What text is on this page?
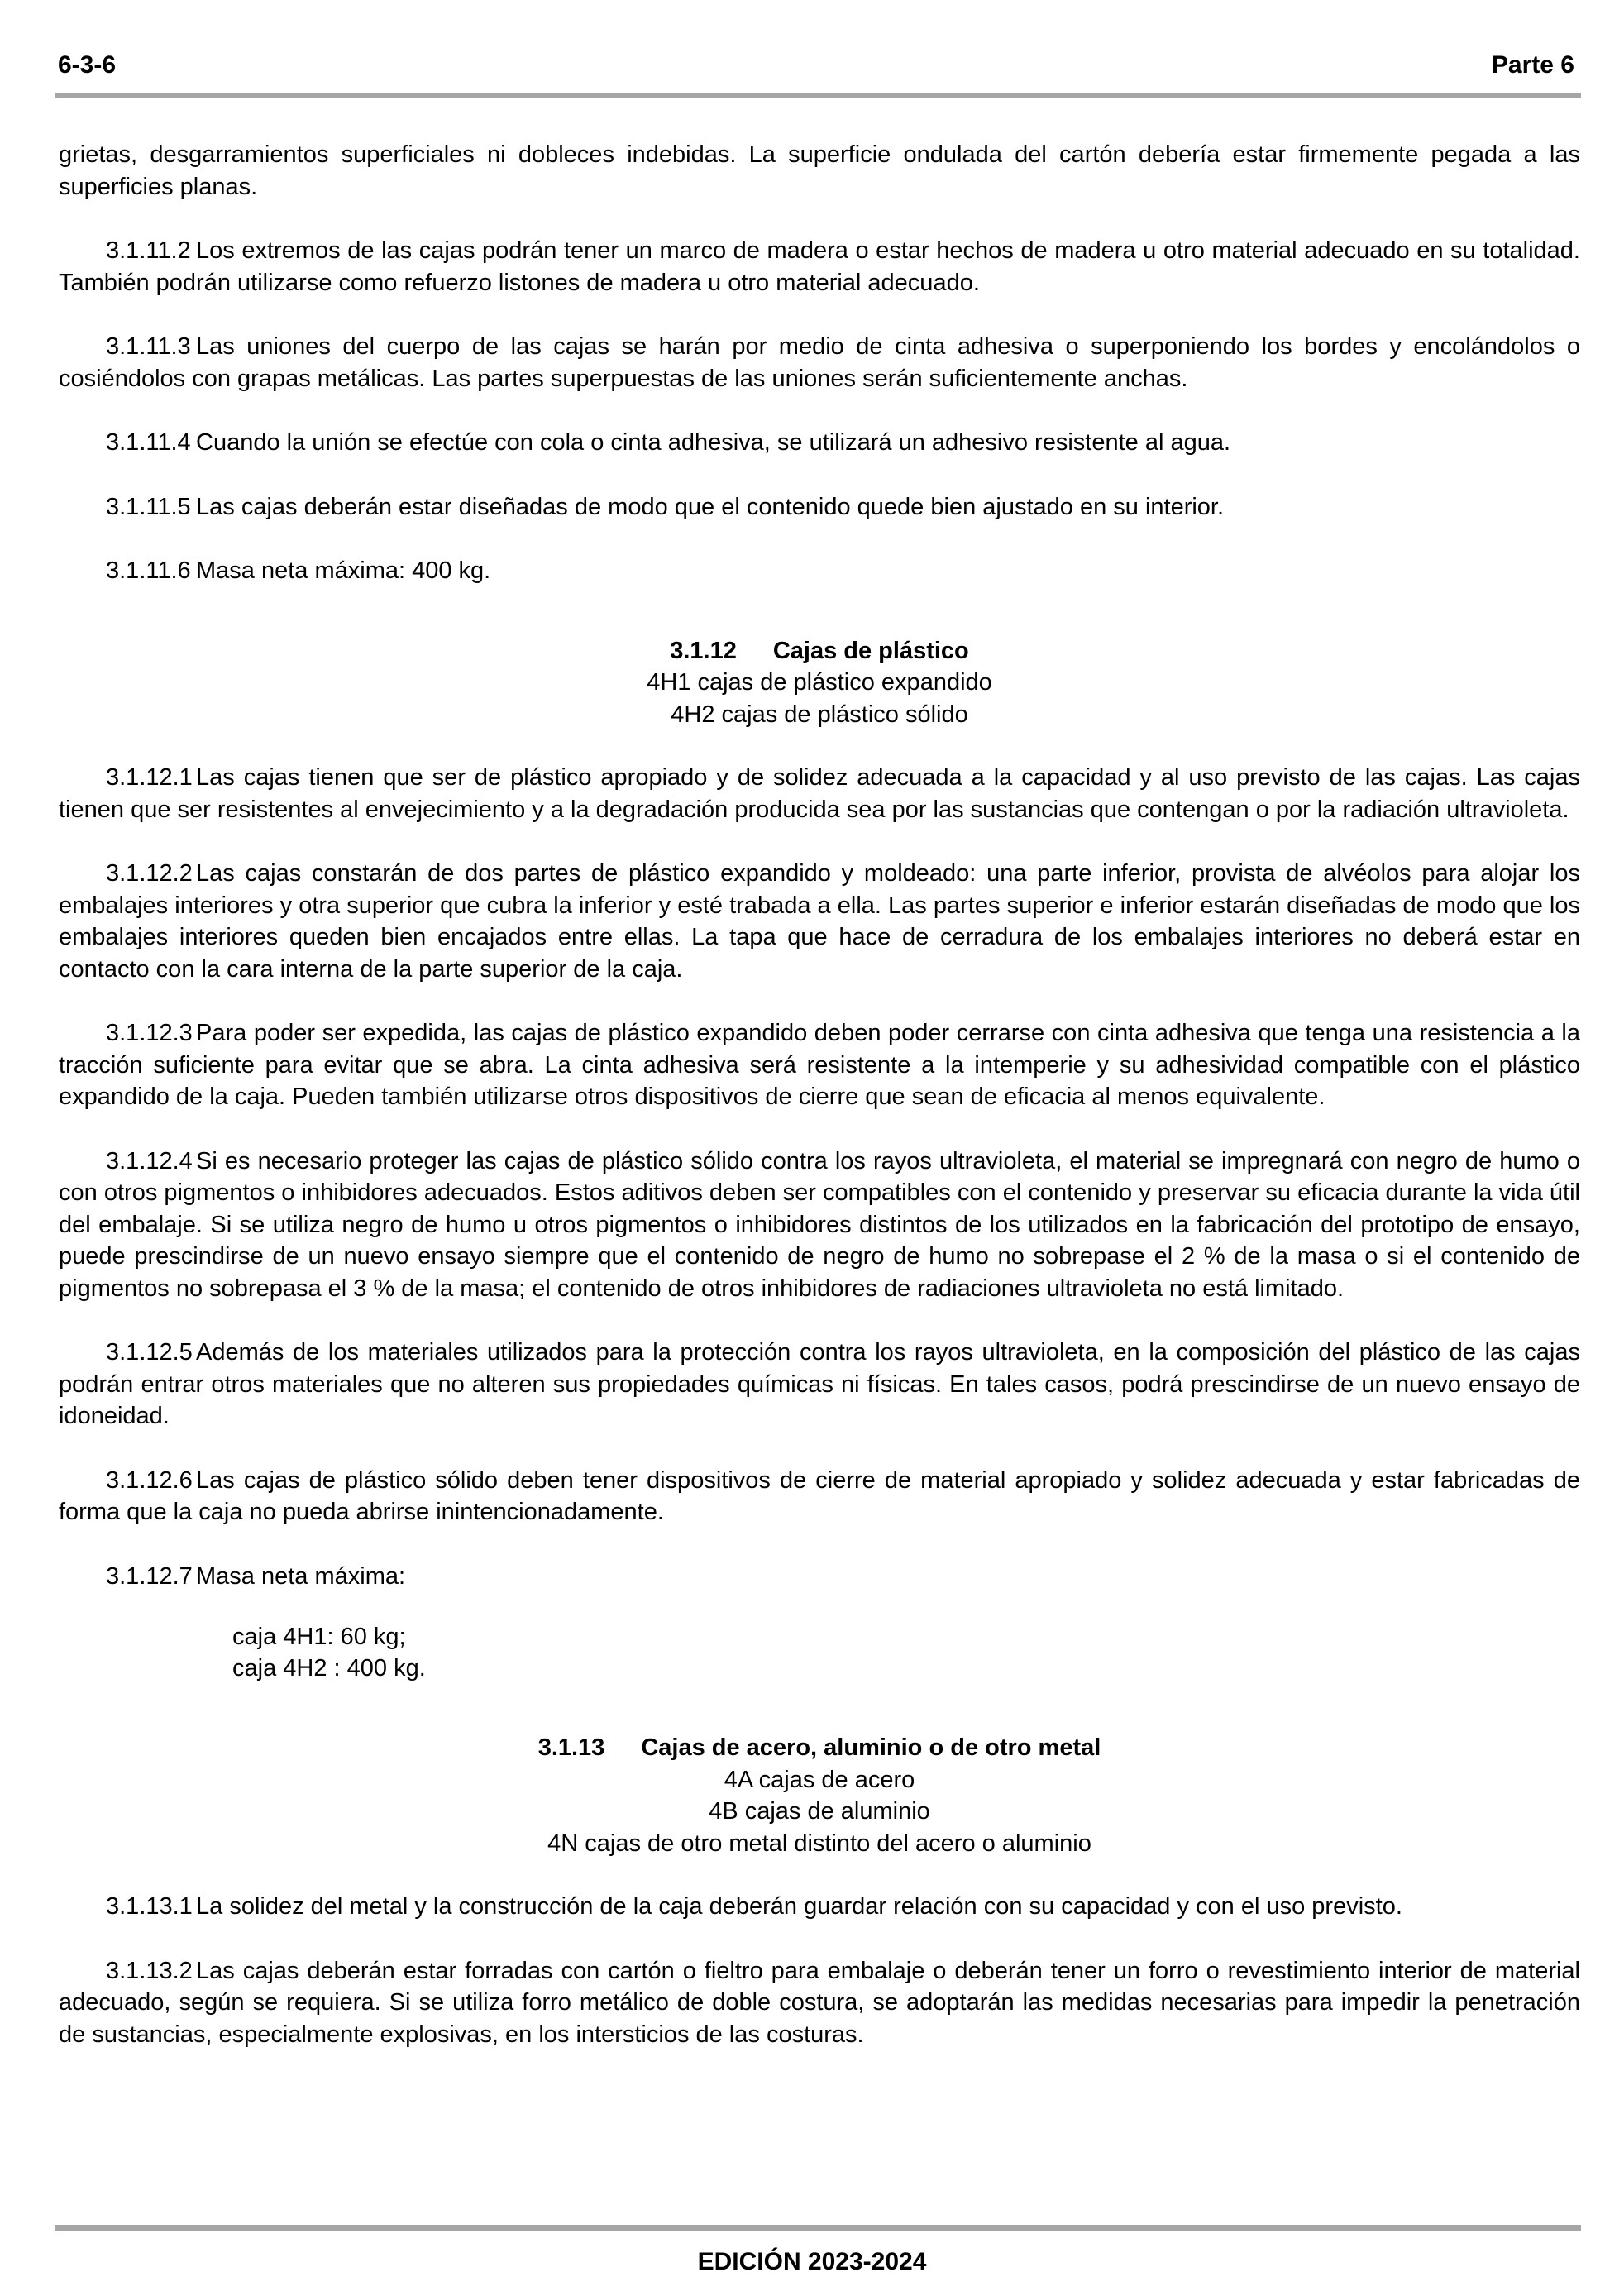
6-3-6	Parte 6

grietas, desgarramientos superficiales ni dobleces indebidas. La superficie ondulada del cartón debería estar firmemente pegada a las superficies planas.

3.1.11.2 Los extremos de las cajas podrán tener un marco de madera o estar hechos de madera u otro material adecuado en su totalidad. También podrán utilizarse como refuerzo listones de madera u otro material adecuado.

3.1.11.3 Las uniones del cuerpo de las cajas se harán por medio de cinta adhesiva o superponiendo los bordes y encolándolos o cosiéndolos con grapas metálicas. Las partes superpuestas de las uniones serán suficientemente anchas.

3.1.11.4 Cuando la unión se efectúe con cola o cinta adhesiva, se utilizará un adhesivo resistente al agua.

3.1.11.5 Las cajas deberán estar diseñadas de modo que el contenido quede bien ajustado en su interior.

3.1.11.6 Masa neta máxima: 400 kg.

3.1.12 Cajas de plástico
4H1 cajas de plástico expandido
4H2 cajas de plástico sólido

3.1.12.1 Las cajas tienen que ser de plástico apropiado y de solidez adecuada a la capacidad y al uso previsto de las cajas. Las cajas tienen que ser resistentes al envejecimiento y a la degradación producida sea por las sustancias que contengan o por la radiación ultravioleta.

3.1.12.2 Las cajas constarán de dos partes de plástico expandido y moldeado: una parte inferior, provista de alvéolos para alojar los embalajes interiores y otra superior que cubra la inferior y esté trabada a ella. Las partes superior e inferior estarán diseñadas de modo que los embalajes interiores queden bien encajados entre ellas. La tapa que hace de cerradura de los embalajes interiores no deberá estar en contacto con la cara interna de la parte superior de la caja.

3.1.12.3 Para poder ser expedida, las cajas de plástico expandido deben poder cerrarse con cinta adhesiva que tenga una resistencia a la tracción suficiente para evitar que se abra. La cinta adhesiva será resistente a la intemperie y su adhesividad compatible con el plástico expandido de la caja. Pueden también utilizarse otros dispositivos de cierre que sean de eficacia al menos equivalente.

3.1.12.4 Si es necesario proteger las cajas de plástico sólido contra los rayos ultravioleta, el material se impregnará con negro de humo o con otros pigmentos o inhibidores adecuados. Estos aditivos deben ser compatibles con el contenido y preservar su eficacia durante la vida útil del embalaje. Si se utiliza negro de humo u otros pigmentos o inhibidores distintos de los utilizados en la fabricación del prototipo de ensayo, puede prescindirse de un nuevo ensayo siempre que el contenido de negro de humo no sobrepase el 2 % de la masa o si el contenido de pigmentos no sobrepasa el 3 % de la masa; el contenido de otros inhibidores de radiaciones ultravioleta no está limitado.

3.1.12.5 Además de los materiales utilizados para la protección contra los rayos ultravioleta, en la composición del plástico de las cajas podrán entrar otros materiales que no alteren sus propiedades químicas ni físicas. En tales casos, podrá prescindirse de un nuevo ensayo de idoneidad.

3.1.12.6 Las cajas de plástico sólido deben tener dispositivos de cierre de material apropiado y solidez adecuada y estar fabricadas de forma que la caja no pueda abrirse inintencionadamente.

3.1.12.7 Masa neta máxima:

caja 4H1: 60 kg;
caja 4H2 : 400 kg.
3.1.13 Cajas de acero, aluminio o de otro metal
4A cajas de acero
4B cajas de aluminio
4N cajas de otro metal distinto del acero o aluminio

3.1.13.1 La solidez del metal y la construcción de la caja deberán guardar relación con su capacidad y con el uso previsto.

3.1.13.2 Las cajas deberán estar forradas con cartón o fieltro para embalaje o deberán tener un forro o revestimiento interior de material adecuado, según se requiera. Si se utiliza forro metálico de doble costura, se adoptarán las medidas necesarias para impedir la penetración de sustancias, especialmente explosivas, en los intersticios de las costuras.

EDICIÓN 2023-2024
